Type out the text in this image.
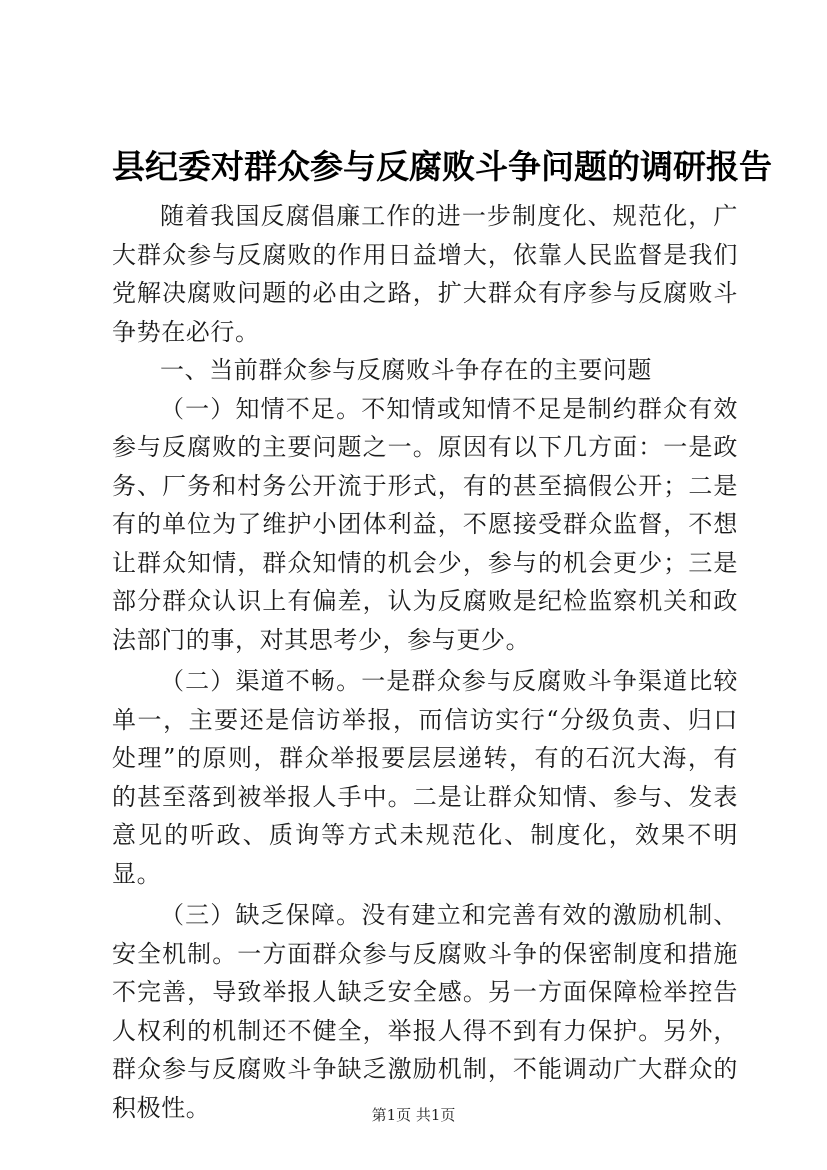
县纪委对群众参与反腐败斗争问题的调研报告

随着我国反腐倡廉工作的进一步制度化、规范化，广大群众参与反腐败的作用日益增大，依靠人民监督是我们党解决腐败问题的必由之路，扩大群众有序参与反腐败斗争势在必行。

一、当前群众参与反腐败斗争存在的主要问题

（一）知情不足。不知情或知情不足是制约群众有效参与反腐败的主要问题之一。原因有以下几方面：一是政务、厂务和村务公开流于形式，有的甚至搞假公开；二是有的单位为了维护小团体利益，不愿接受群众监督，不想让群众知情，群众知情的机会少，参与的机会更少；三是部分群众认识上有偏差，认为反腐败是纪检监察机关和政法部门的事，对其思考少，参与更少。

（二）渠道不畅。一是群众参与反腐败斗争渠道比较单一，主要还是信访举报，而信访实行“分级负责、归口处理”的原则，群众举报要层层递转，有的石沉大海，有的甚至落到被举报人手中。二是让群众知情、参与、发表意见的听政、质询等方式未规范化、制度化，效果不明显。

（三）缺乏保障。没有建立和完善有效的激励机制、安全机制。一方面群众参与反腐败斗争的保密制度和措施不完善，导致举报人缺乏安全感。另一方面保障检举控告人权利的机制还不健全，举报人得不到有力保护。另外，群众参与反腐败斗争缺乏激励机制，不能调动广大群众的积极性。	第1页 共1页
